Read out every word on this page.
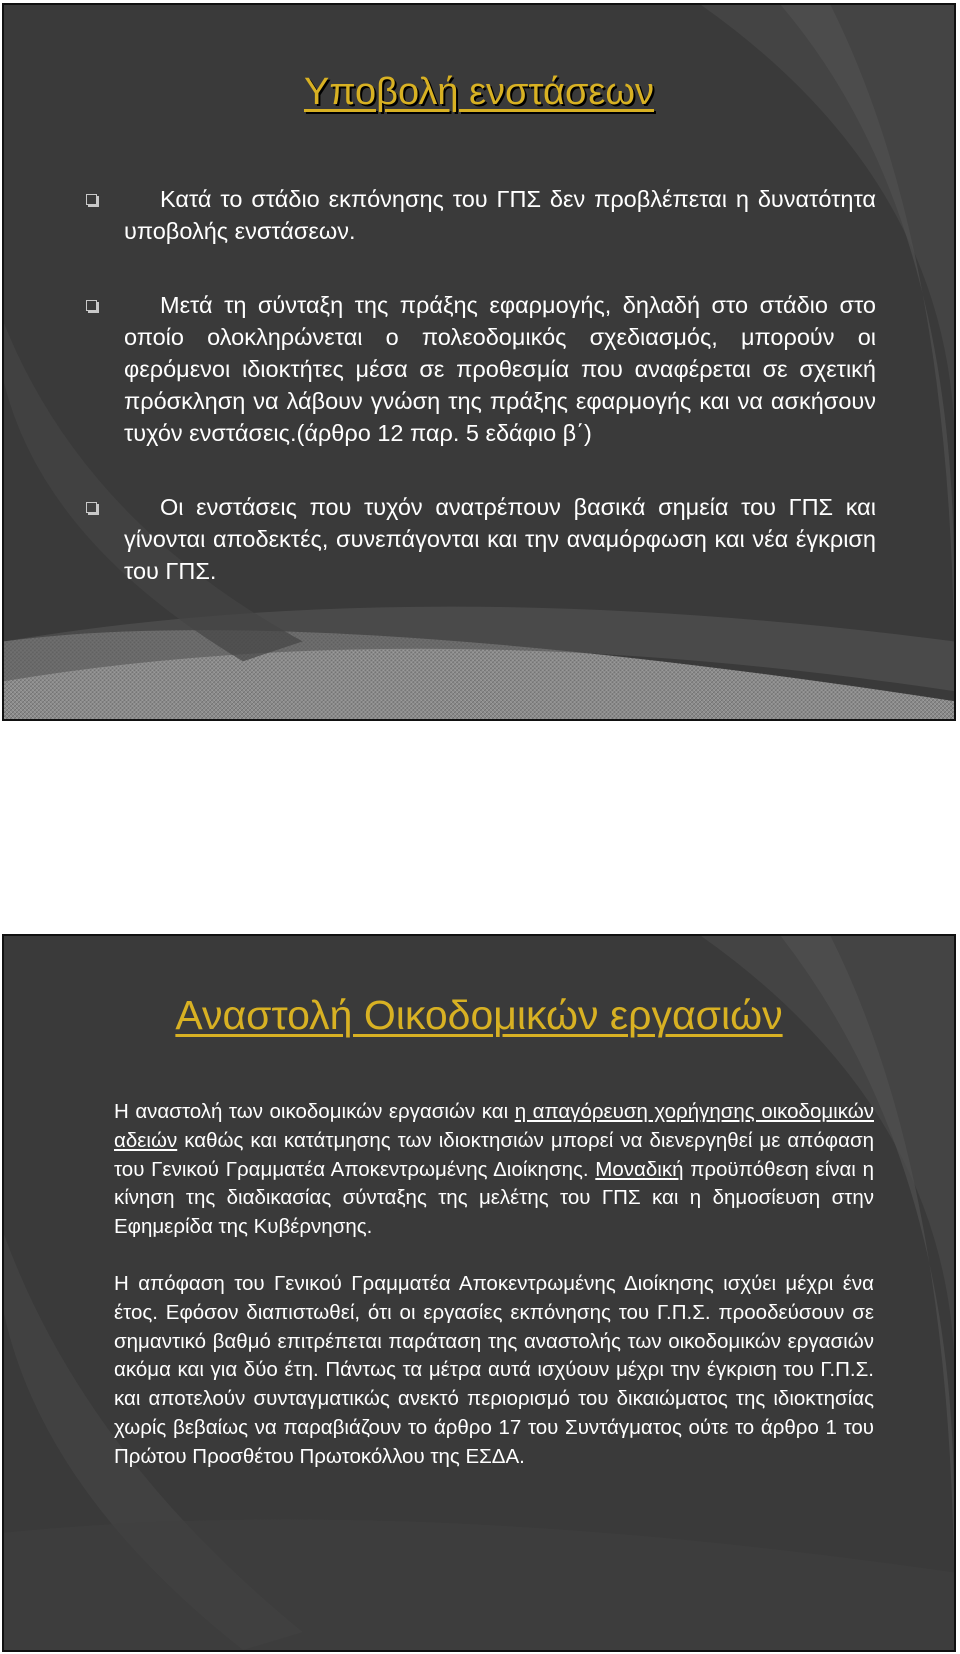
Υποβολή ενστάσεων
Κατά το στάδιο εκπόνησης του ΓΠΣ δεν προβλέπεται η δυνατότητα υποβολής ενστάσεων.
Μετά τη σύνταξη της πράξης εφαρμογής, δηλαδή στο στάδιο στο οποίο ολοκληρώνεται ο πολεοδομικός σχεδιασμός, μπορούν οι φερόμενοι ιδιοκτήτες μέσα σε προθεσμία που αναφέρεται σε σχετική πρόσκληση να λάβουν γνώση της πράξης εφαρμογής και να ασκήσουν τυχόν ενστάσεις.(άρθρο 12 παρ. 5 εδάφιο β΄)
Οι ενστάσεις που τυχόν ανατρέπουν βασικά σημεία του ΓΠΣ και γίνονται αποδεκτές, συνεπάγονται και την αναμόρφωση και νέα έγκριση του ΓΠΣ.
Αναστολή Οικοδομικών εργασιών

Η αναστολή των οικοδομικών εργασιών και η απαγόρευση χορήγησης οικοδομικών αδειών καθώς και κατάτμησης των ιδιοκτησιών μπορεί να διενεργηθεί με απόφαση του Γενικού Γραμματέα Αποκεντρωμένης Διοίκησης. Μοναδική προϋπόθεση είναι η κίνηση της διαδικασίας σύνταξης της μελέτης του ΓΠΣ και η δημοσίευση στην Εφημερίδα της Κυβέρνησης.

Η απόφαση του Γενικού Γραμματέα Αποκεντρωμένης Διοίκησης ισχύει μέχρι ένα έτος. Εφόσον διαπιστωθεί, ότι οι εργασίες εκπόνησης του Γ.Π.Σ. προοδεύσουν σε σημαντικό βαθμό επιτρέπεται παράταση της αναστολής των οικοδομικών εργασιών ακόμα και για δύο έτη. Πάντως τα μέτρα αυτά ισχύουν μέχρι την έγκριση του Γ.Π.Σ. και αποτελούν συνταγματικώς ανεκτό περιορισμό του δικαιώματος της ιδιοκτησίας χωρίς βεβαίως να παραβιάζουν το άρθρο 17 του Συντάγματος ούτε το άρθρο 1 του Πρώτου Προσθέτου Πρωτοκόλλου της ΕΣΔΑ.
